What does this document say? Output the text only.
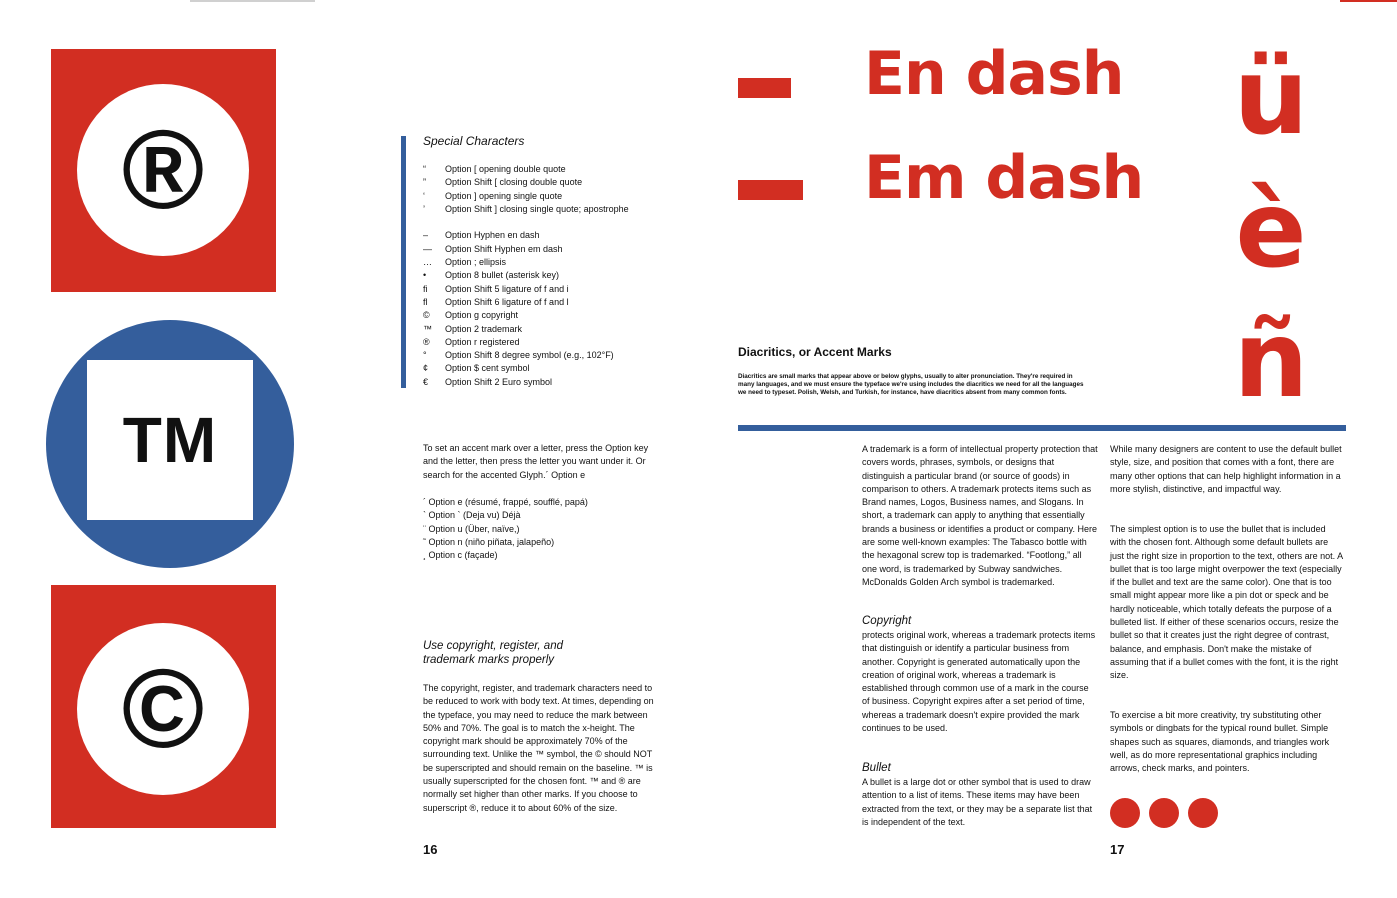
®
TM
©
Special Characters
“	Option [ opening double quote
”	Option Shift [ closing double quote
‘	Option ] opening single quote
’	Option Shift ] closing single quote; apostrophe
–	Option Hyphen en dash
—	Option Shift Hyphen em dash
…	Option ; ellipsis
•	Option 8 bullet (asterisk key)
ﬁ	Option Shift 5 ligature of f and i
ﬂ	Option Shift 6 ligature of f and l
©	Option g copyright
™	Option 2 trademark
®	Option r registered
°	Option Shift 8 degree symbol (e.g., 102°F)
¢	Option $ cent symbol
€	Option Shift 2 Euro symbol
To set an accent mark over a letter, press the Option key and the letter, then press the letter you want under it. Or search for the accented Glyph.´ Option e
´ Option e (résumé, frappé, soufflé, papá)
` Option ` (Deja vu) Déjà
¨ Option u (Über, naïve,)
˜ Option n (niño piñata, jalapeño)
¸ Option c (façade)
Use copyright, register, and
trademark marks properly
The copyright, register, and trademark characters need to be reduced to work with body text. At times, depending on the typeface, you may need to reduce the mark between 50% and 70%. The goal is to match the x-height. The copyright mark should be approximately 70% of the surrounding text. Unlike the ™ symbol, the © should NOT be superscripted and should remain on the baseline. ™ is usually superscripted for the chosen font. ™ and ® are normally set higher than other marks. If you choose to superscript ®, reduce it to about 60% of the size.
16
En dash
Em dash
ü
è
ñ
Diacritics, or Accent Marks
Diacritics are small marks that appear above or below glyphs, usually to alter pronunciation. They're required in many languages, and we must ensure the typeface we're using includes the diacritics we need for all the languages we need to typeset. Polish, Welsh, and Turkish, for instance, have diacritics absent from many common fonts.
A trademark is a form of intellectual property protection that covers words, phrases, symbols, or designs that distinguish a particular brand (or source of goods) in comparison to others. A trademark protects items such as Brand names, Logos, Business names, and Slogans. In short, a trademark can apply to anything that essentially brands a business or identifies a product or company. Here are some well-known examples: The Tabasco bottle with the hexagonal screw top is trademarked. “Footlong,” all one word, is trademarked by Subway sandwiches. McDonalds Golden Arch symbol is trademarked.
Copyright
protects original work, whereas a trademark protects items that distinguish or identify a particular business from another. Copyright is generated automatically upon the creation of original work, whereas a trademark is established through common use of a mark in the course of business. Copyright expires after a set period of time, whereas a trademark doesn't expire provided the mark continues to be used.
Bullet
A bullet is a large dot or other symbol that is used to draw attention to a list of items. These items may have been extracted from the text, or they may be a separate list that is independent of the text.
While many designers are content to use the default bullet style, size, and position that comes with a font, there are many other options that can help highlight information in a more stylish, distinctive, and impactful way.
The simplest option is to use the bullet that is included with the chosen font. Although some default bullets are just the right size in proportion to the text, others are not. A bullet that is too large might overpower the text (especially if the bullet and text are the same color). One that is too small might appear more like a pin dot or speck and be hardly noticeable, which totally defeats the purpose of a bulleted list. If either of these scenarios occurs, resize the bullet so that it creates just the right degree of contrast, balance, and emphasis. Don't make the mistake of assuming that if a bullet comes with the font, it is the right size.
To exercise a bit more creativity, try substituting other symbols or dingbats for the typical round bullet. Simple shapes such as squares, diamonds, and triangles work well, as do more representational graphics including arrows, check marks, and pointers.
17
